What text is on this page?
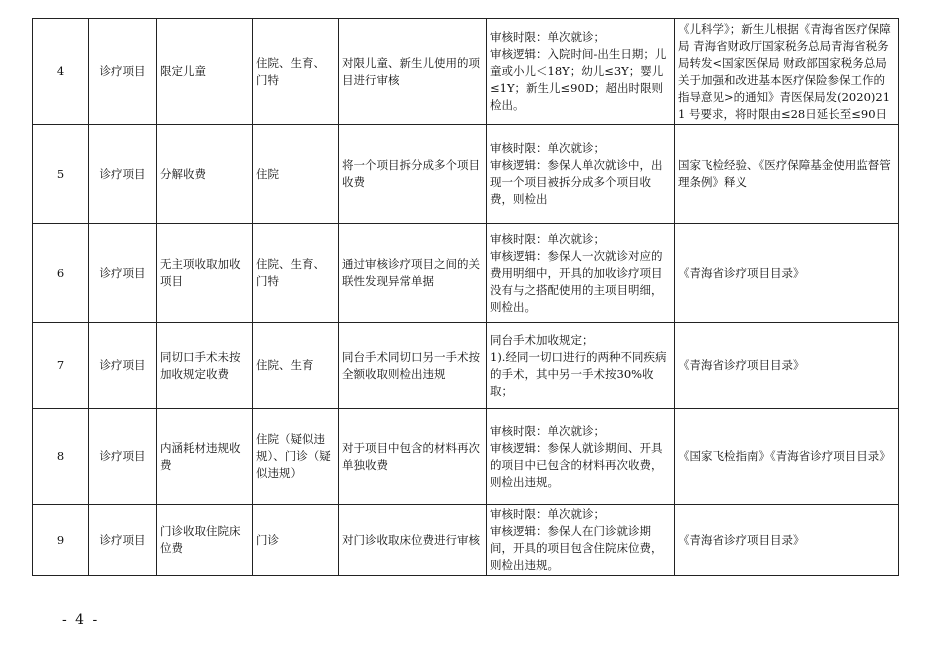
4	诊疗项目	限定儿童	住院、生育、门特	对限儿童、新生儿使用的项目进行审核	审核时限：单次就诊；
审核逻辑：入院时间-出生日期；儿童或小儿＜18Y；幼儿≤3Y；婴儿≤1Y；新生儿≤90D；超出时限则检出。	《儿科学》；新生儿根据《青海省医疗保障局 青海省财政厅国家税务总局青海省税务局转发<国家医保局 财政部国家税务总局关于加强和改进基本医疗保险参保工作的指导意见>的通知》青医保局发(2020)211 号要求，将时限由≤28日延长至≤90日
5	诊疗项目	分解收费	住院	将一个项目拆分成多个项目收费	审核时限：单次就诊；
审核逻辑：参保人单次就诊中，出现一个项目被拆分成多个项目收费，则检出	国家飞检经验、《医疗保障基金使用监督管理条例》释义
6	诊疗项目	无主项收取加收项目	住院、生育、门特	通过审核诊疗项目之间的关联性发现异常单据	审核时限：单次就诊；
审核逻辑：参保人一次就诊对应的费用明细中，开具的加收诊疗项目没有与之搭配使用的主项目明细，则检出。	《青海省诊疗项目目录》
7	诊疗项目	同切口手术未按加收规定收费	住院、生育	同台手术同切口另一手术按全额收取则检出违规	同台手术加收规定；
1).经同一切口进行的两种不同疾病的手术，其中另一手术按30%收取；	《青海省诊疗项目目录》
8	诊疗项目	内涵耗材违规收费	住院（疑似违规）、门诊（疑似违规）	对于项目中包含的材料再次单独收费	审核时限：单次就诊；
审核逻辑：参保人就诊期间、开具的项目中已包含的材料再次收费，则检出违规。	《国家飞检指南》《青海省诊疗项目目录》
9	诊疗项目	门诊收取住院床位费	门诊	对门诊收取床位费进行审核	审核时限：单次就诊；
审核逻辑：参保人在门诊就诊期间，开具的项目包含住院床位费，则检出违规。	《青海省诊疗项目目录》
- 4 -
